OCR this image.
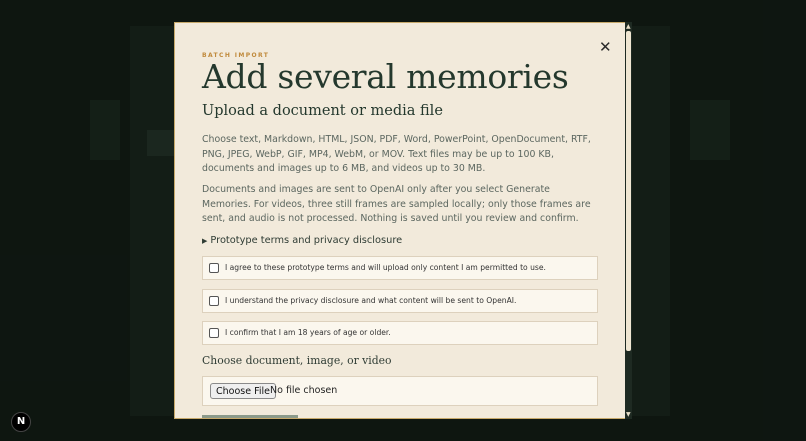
BATCH IMPORT
Add several memories
Upload a document or media file
Choose text, Markdown, HTML, JSON, PDF, Word, PowerPoint, OpenDocument, RTF, PNG, JPEG, WebP, GIF, MP4, WebM, or MOV. Text files may be up to 100 KB, documents and images up to 6 MB, and videos up to 30 MB.
Documents and images are sent to OpenAI only after you select Generate Memories. For videos, three still frames are sampled locally; only those frames are sent, and audio is not processed. Nothing is saved until you review and confirm.
▶ Prototype terms and privacy disclosure
I agree to these prototype terms and will upload only content I am permitted to use.
I understand the privacy disclosure and what content will be sent to OpenAI.
I confirm that I am 18 years of age or older.
Choose document, image, or video
Choose File No file chosen
✕
▲
▼
N
